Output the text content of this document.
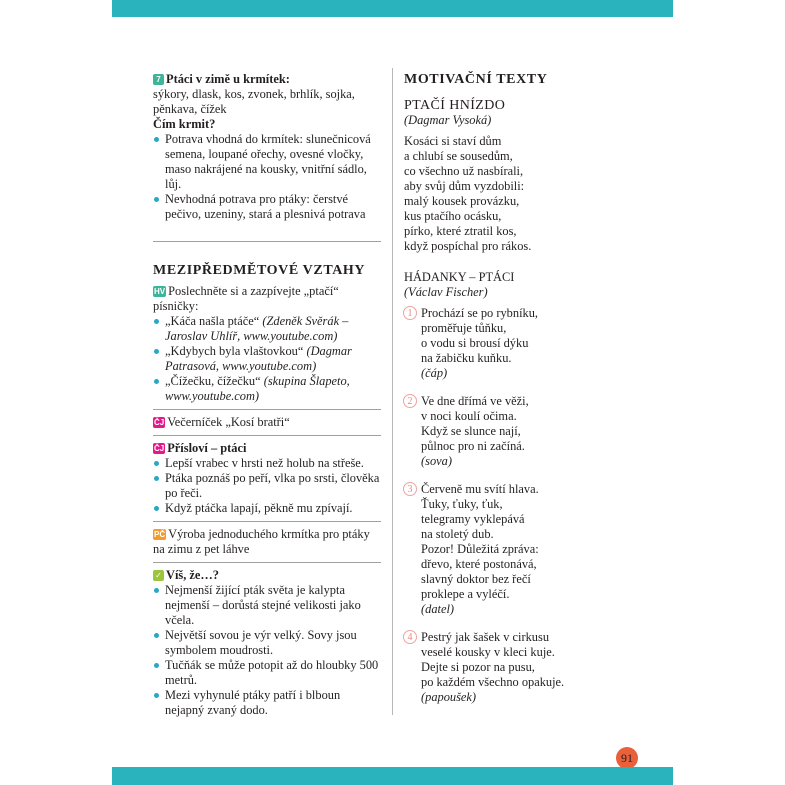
7 Ptáci v zimě u krmítek:
sýkory, dlask, kos, zvonek, brhlík, sojka, pěnkava, čížek
Čím krmit?
Potrava vhodná do krmítek: slunečnicová semena, loupané ořechy, ovesné vločky, maso nakrájené na kousky, vnitřní sádlo, lůj.
Nevhodná potrava pro ptáky: čerstvé pečivo, uzeniny, stará a plesnivá potrava
MEZIPŘEDMĚTOVÉ VZTAHY
HV Poslechněte si a zazpívejte „ptačí“ písničky:
„Káča našla ptáče“ (Zdeněk Svěrák – Jaroslav Uhlíř, www.youtube.com)
„Kdybych byla vlaštovkou“ (Dagmar Patrasová, www.youtube.com)
„Čížečku, čížečku“ (skupina Šlapeto, www.youtube.com)
ČJ Večerníček „Kosí bratři“
ČJ Přísloví – ptáci
Lepší vrabec v hrsti než holub na střeše.
Ptáka poznáš po peří, vlka po srsti, člověka po řeči.
Když ptáčka lapají, pěkně mu zpívají.
PČ Výroba jednoduchého krmítka pro ptáky na zimu z pet láhve
✓ Víš, že…?
Nejmenší žijící pták světa je kalypta nejmenší – dorůstá stejné velikosti jako včela.
Největší sovou je výr velký. Sovy jsou symbolem moudrosti.
Tučňák se může potopit až do hloubky 500 metrů.
Mezi vyhynulé ptáky patří i blboun nejapný zvaný dodo.
MOTIVAČNÍ TEXTY
PTAČÍ HNÍZDO
(Dagmar Vysoká)
Kosáci si staví dům
a chlubí se sousedům,
co všechno už nasbírali,
aby svůj dům vyzdobili:
malý kousek provázku,
kus ptačího ocásku,
pírko, které ztratil kos,
když pospíchal pro rákos.
HÁDANKY – PTÁCI
(Václav Fischer)
1 Prochází se po rybníku,
proměřuje tůňku,
o vodu si brousí dýku
na žabičku kuňku.
(čáp)
2 Ve dne dřímá ve věži,
v noci koulí očima.
Když se slunce nají,
půlnoc pro ni začíná.
(sova)
3 Červeně mu svítí hlava.
Ťuky, ťuky, ťuk,
telegramy vyklepává
na stoletý dub.
Pozor! Důležitá zpráva:
dřevo, které postonává,
slavný doktor bez řečí
proklepe a vyléčí.
(datel)
4 Pestrý jak šašek v cirkusu
veselé kousky v kleci kuje.
Dejte si pozor na pusu,
po každém všechno opakuje.
(papoušek)
91
